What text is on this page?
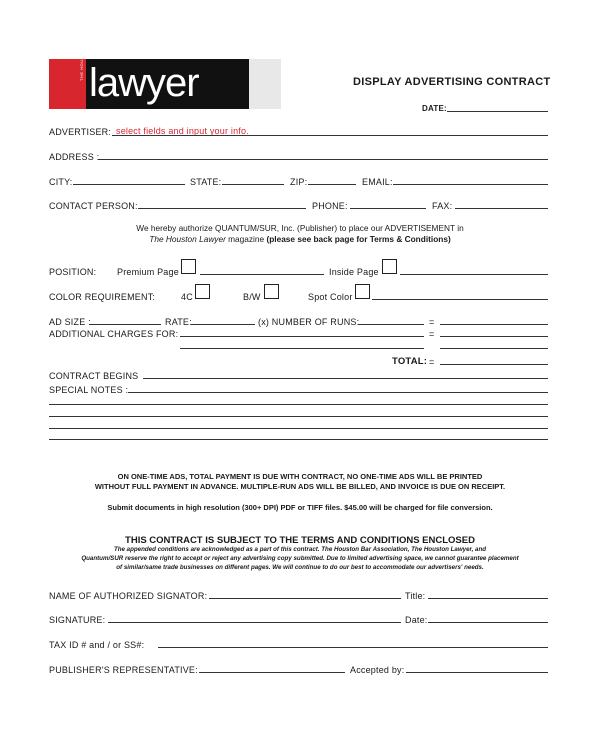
THE HOUSTON lawyer	DISPLAY ADVERTISING CONTRACT
DATE:
ADVERTISER: select fields and input your info.
ADDRESS :
CITY:	STATE:	ZIP:	EMAIL:
CONTACT PERSON:	PHONE:	FAX:
We hereby authorize QUANTUM/SUR, Inc. (Publisher) to place our ADVERTISEMENT in
The Houston Lawyer magazine (please see back page for Terms & Conditions)
POSITION: Premium Page	Inside Page
COLOR REQUIREMENT:	4C	B/W	Spot Color
AD SIZE :	RATE:	(x) NUMBER OF RUNS:	=
ADDITIONAL CHARGES FOR:	=
TOTAL: =
CONTRACT BEGINS
SPECIAL NOTES :
ON ONE-TIME ADS, TOTAL PAYMENT IS DUE WITH CONTRACT, NO ONE-TIME ADS WILL BE PRINTED
WITHOUT FULL PAYMENT IN ADVANCE. MULTIPLE-RUN ADS WILL BE BILLED, AND INVOICE IS DUE ON RECEIPT.
Submit documents in high resolution (300+ DPI) PDF or TIFF files. $45.00 will be charged for file conversion.
THIS CONTRACT IS SUBJECT TO THE TERMS AND CONDITIONS ENCLOSED
The appended conditions are acknowledged as a part of this contract. The Houston Bar Association, The Houston Lawyer, and
Quantum/SUR reserve the right to accept or reject any advertising copy submitted. Due to limited advertising space, we cannot guarantee placement
of similar/same trade businesses on different pages. We will continue to do our best to accommodate our advertisers' needs.
NAME OF AUTHORIZED SIGNATOR:	Title:
SIGNATURE:	Date:
TAX ID # and / or SS#:
PUBLISHER'S REPRESENTATIVE:	Accepted by:
